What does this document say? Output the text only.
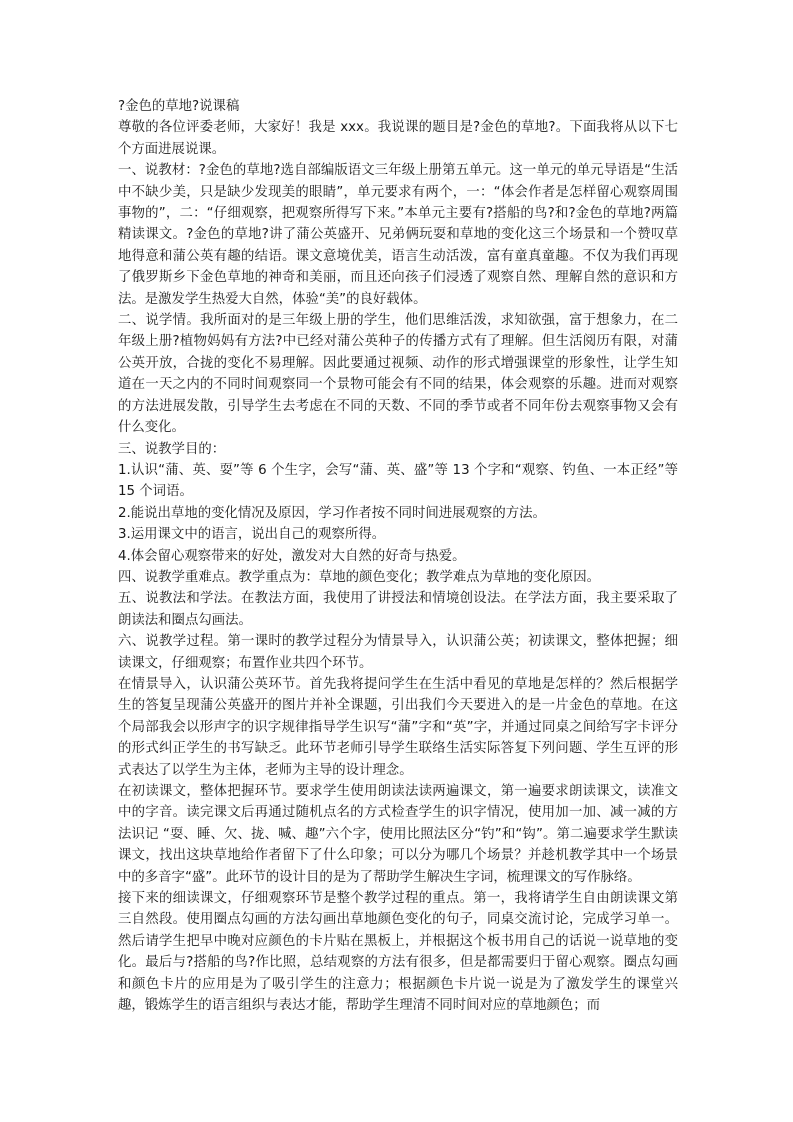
?金色的草地?说课稿

尊敬的各位评委老师，大家好！我是 xxx。我说课的题目是?金色的草地?。下面我将从以下七个方面进展说课。

一、说教材：?金色的草地?选自部编版语文三年级上册第五单元。这一单元的单元导语是“生活中不缺少美，只是缺少发现美的眼睛”，单元要求有两个，一：“体会作者是怎样留心观察周围事物的”，二：“仔细观察，把观察所得写下来。”本单元主要有?搭船的鸟?和?金色的草地?两篇精读课文。?金色的草地?讲了蒲公英盛开、兄弟俩玩耍和草地的变化这三个场景和一个赞叹草地得意和蒲公英有趣的结语。课文意境优美，语言生动活泼，富有童真童趣。不仅为我们再现了俄罗斯乡下金色草地的神奇和美丽，而且还向孩子们浸透了观察自然、理解自然的意识和方法。是激发学生热爱大自然，体验“美”的良好载体。

二、说学情。我所面对的是三年级上册的学生，他们思维活泼，求知欲强，富于想象力，在二年级上册?植物妈妈有方法?中已经对蒲公英种子的传播方式有了理解。但生活阅历有限，对蒲公英开放，合拢的变化不易理解。因此要通过视频、动作的形式增强课堂的形象性，让学生知道在一天之内的不同时间观察同一个景物可能会有不同的结果，体会观察的乐趣。进而对观察的方法进展发散，引导学生去考虑在不同的天数、不同的季节或者不同年份去观察事物又会有什么变化。

三、说教学目的：

1.认识“蒲、英、耍”等 6 个生字，会写“蒲、英、盛”等 13 个字和“观察、钓鱼、一本正经”等 15 个词语。

2.能说出草地的变化情况及原因，学习作者按不同时间进展观察的方法。

3.运用课文中的语言，说出自己的观察所得。

4.体会留心观察带来的好处，激发对大自然的好奇与热爱。

四、说教学重难点。教学重点为：草地的颜色变化；教学难点为草地的变化原因。

五、说教法和学法。在教法方面，我使用了讲授法和情境创设法。在学法方面，我主要采取了朗读法和圈点勾画法。

六、说教学过程。第一课时的教学过程分为情景导入，认识蒲公英；初读课文，整体把握；细读课文，仔细观察；布置作业共四个环节。

在情景导入，认识蒲公英环节。首先我将提问学生在生活中看见的草地是怎样的？然后根据学生的答复呈现蒲公英盛开的图片并补全课题，引出我们今天要进入的是一片金色的草地。在这个局部我会以形声字的识字规律指导学生识写“蒲”字和“英”字，并通过同桌之间给写字卡评分的形式纠正学生的书写缺乏。此环节老师引导学生联络生活实际答复下列问题、学生互评的形式表达了以学生为主体，老师为主导的设计理念。

在初读课文，整体把握环节。要求学生使用朗读法读两遍课文，第一遍要求朗读课文，读准文中的字音。读完课文后再通过随机点名的方式检查学生的识字情况，使用加一加、减一减的方法识记 “耍、睡、欠、拢、喊、趣”六个字，使用比照法区分“钓”和“钩”。第二遍要求学生默读课文，找出这块草地给作者留下了什么印象；可以分为哪几个场景？并趁机教学其中一个场景中的多音字“盛”。此环节的设计目的是为了帮助学生解决生字词，梳理课文的写作脉络。

接下来的细读课文，仔细观察环节是整个教学过程的重点。第一，我将请学生自由朗读课文第三自然段。使用圈点勾画的方法勾画出草地颜色变化的句子，同桌交流讨论，完成学习单一。然后请学生把早中晚对应颜色的卡片贴在黑板上，并根据这个板书用自己的话说一说草地的变化。最后与?搭船的鸟?作比照，总结观察的方法有很多，但是都需要归于留心观察。圈点勾画和颜色卡片的应用是为了吸引学生的注意力；根据颜色卡片说一说是为了激发学生的课堂兴趣，锻炼学生的语言组织与表达才能，帮助学生理清不同时间对应的草地颜色；而
